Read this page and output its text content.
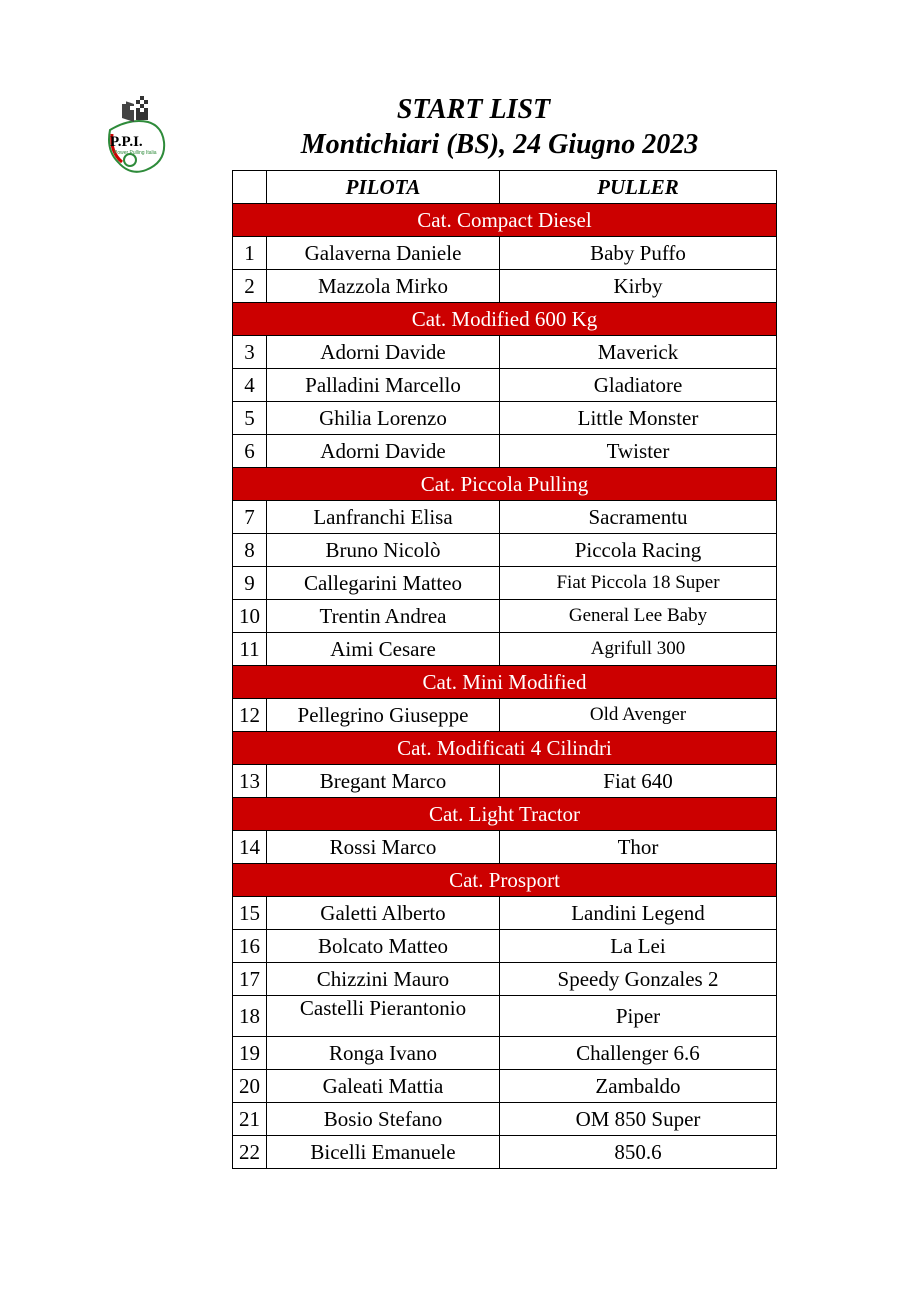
P.P.I.
Power Pulling Italia
START LIST
Montichiari (BS), 24 Giugno 2023
	PILOTA	PULLER
Cat. Compact Diesel		
1	Galaverna Daniele	Baby Puffo
2	Mazzola Mirko	Kirby
Cat. Modified 600 Kg		
3	Adorni Davide	Maverick
4	Palladini Marcello	Gladiatore
5	Ghilia Lorenzo	Little Monster
6	Adorni Davide	Twister
Cat. Piccola Pulling		
7	Lanfranchi Elisa	Sacramentu
8	Bruno Nicolò	Piccola Racing
9	Callegarini Matteo	Fiat Piccola 18 Super
10	Trentin Andrea	General Lee Baby
11	Aimi Cesare	Agrifull 300
Cat. Mini Modified		
12	Pellegrino Giuseppe	Old Avenger
Cat. Modificati 4 Cilindri		
13	Bregant Marco	Fiat 640
Cat. Light Tractor		
14	Rossi Marco	Thor
Cat. Prosport		
15	Galetti Alberto	Landini Legend
16	Bolcato Matteo	La Lei
17	Chizzini Mauro	Speedy Gonzales 2
18	Castelli Pierantonio	Piper
19	Ronga Ivano	Challenger 6.6
20	Galeati Mattia	Zambaldo
21	Bosio Stefano	OM 850 Super
22	Bicelli Emanuele	850.6
